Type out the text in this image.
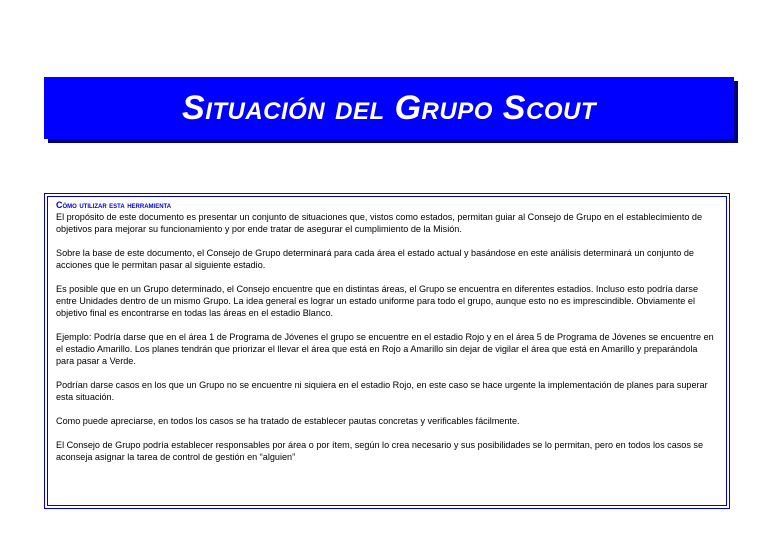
Situación del Grupo Scout
Cómo utilizar esta herramienta

El propósito de este documento es presentar un conjunto de situaciones que, vistos como estados, permitan guiar al Consejo de Grupo en el establecimiento de objetivos para mejorar su funcionamiento y por ende tratar de asegurar el cumplimiento de la Misión.

Sobre la base de este documento, el Consejo de Grupo determinará para cada área el estado actual y basándose en este análisis determinará un conjunto de acciones que le permitan pasar al siguiente estadio.

Es posible que en un Grupo determinado, el Consejo encuentre que en distintas áreas, el Grupo se encuentra en diferentes estadios. Incluso esto podría darse entre Unidades dentro de un mismo Grupo. La idea general es lograr un estado uniforme para todo el grupo, aunque esto no es imprescindible. Obviamente el objetivo final es encontrarse en todas las áreas en el estadio Blanco.

Ejemplo: Podría darse que en el área 1 de Programa de Jóvenes el grupo se encuentre en el estadio Rojo y en el área 5 de Programa de Jóvenes se encuentre en el estadio Amarillo. Los planes tendrán que priorizar el llevar el área que está en Rojo a Amarillo sin dejar de vigilar el área que está en Amarillo y preparándola para pasar a Verde.

Podrían darse casos en los que un Grupo no se encuentre ni siquiera en el estadio Rojo, en este caso se hace urgente la implementación de planes para superar esta situación.

Como puede apreciarse, en todos los casos se ha tratado de establecer pautas concretas y verificables fácilmente.

El Consejo de Grupo podría establecer responsables por área o por ítem, según lo crea necesario y sus posibilidades se lo permitan, pero en todos los casos se aconseja asignar la tarea de control de gestión en “alguien”
